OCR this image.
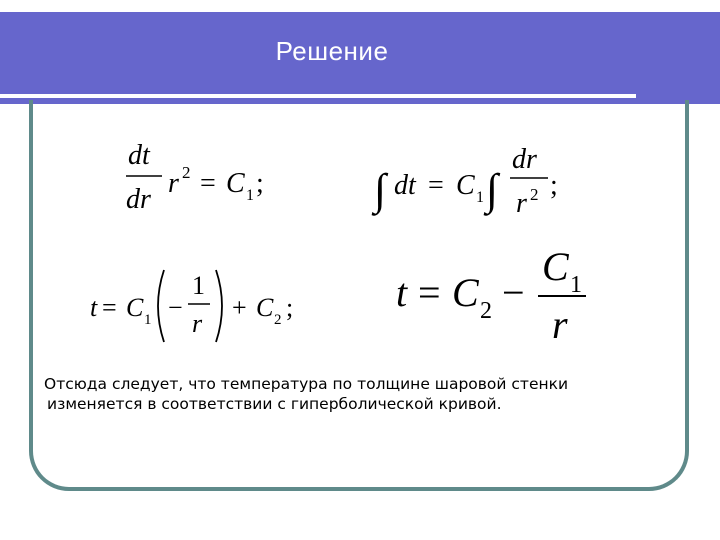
Решение
dt
dr
r 2 = C 1 ;	∫ dt = C 1 ∫
dr
r 2 ;
t = C 1 −
1
r
+ C 2 ;	t = C 2 −
C 1
r
Отсюда следует, что температура по толщине шаровой стенки
изменяется в соответствии с гиперболической кривой.
